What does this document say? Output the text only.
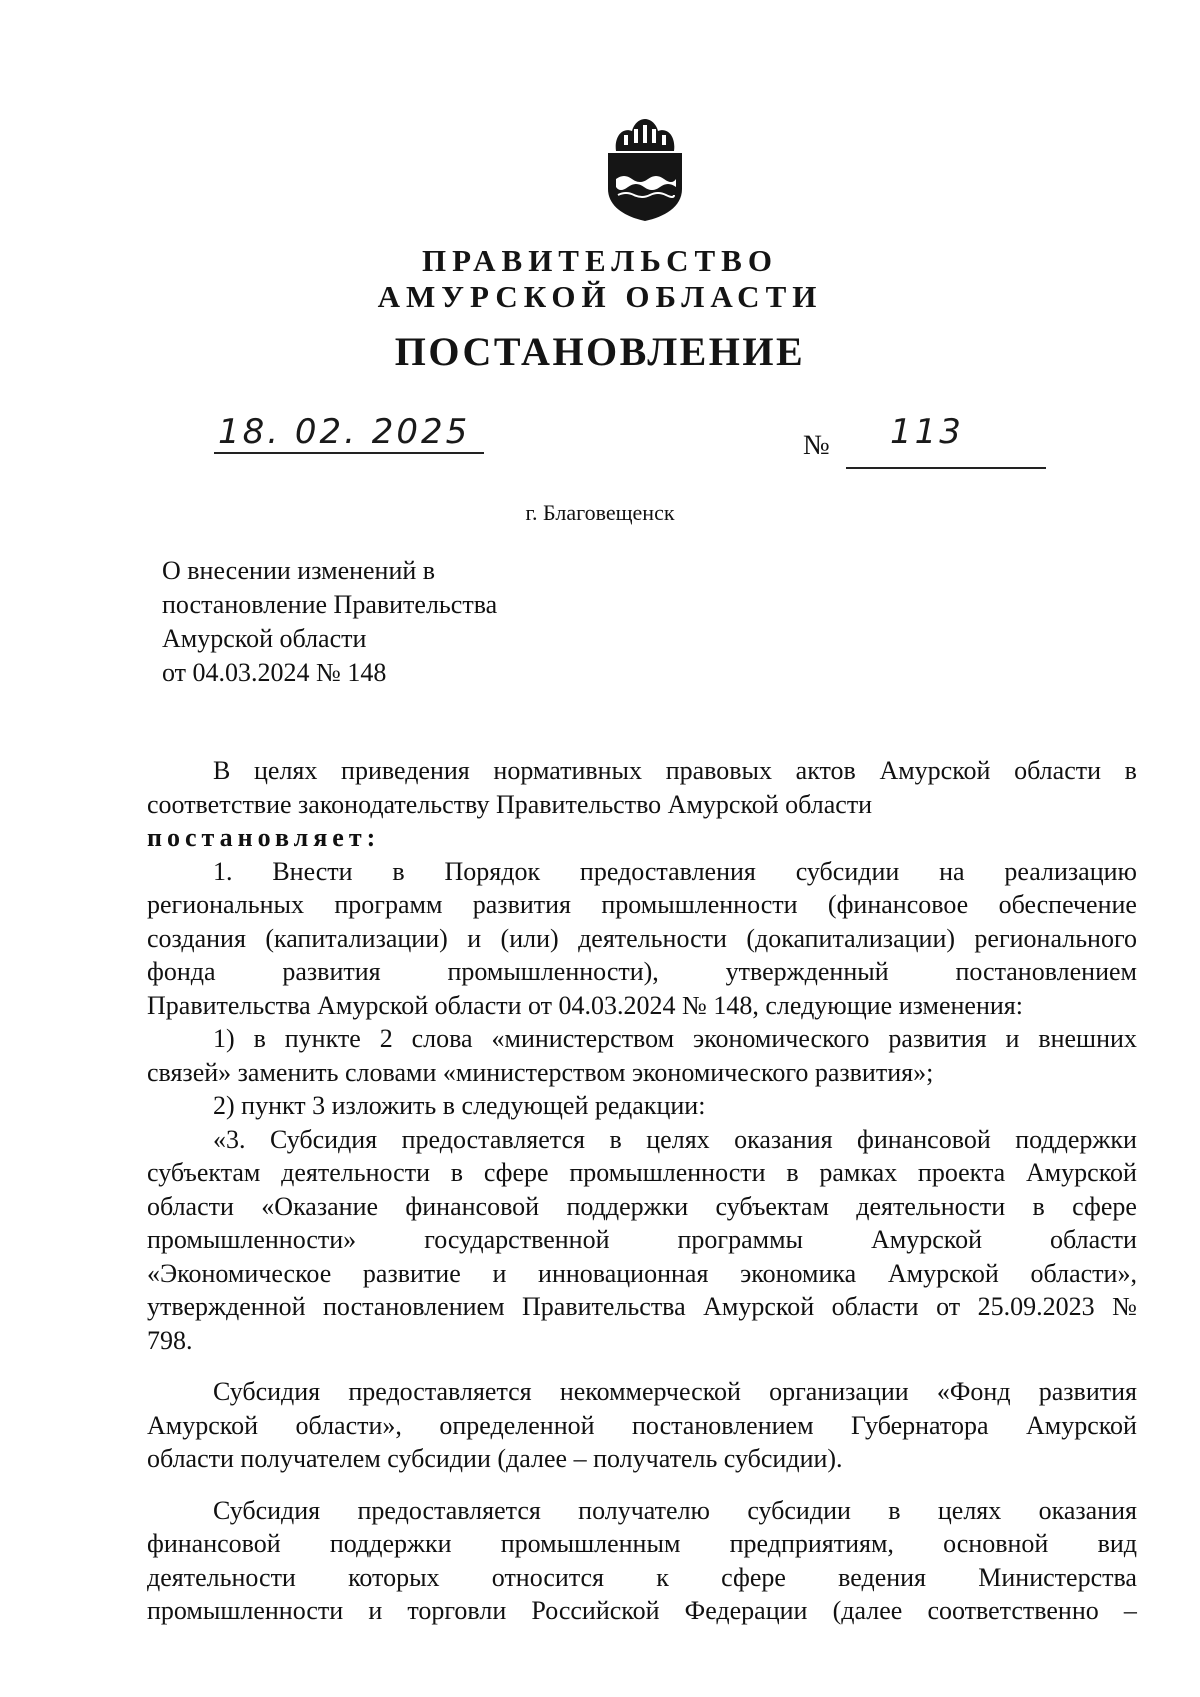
ПРАВИТЕЛЬСТВО
АМУРСКОЙ ОБЛАСТИ
ПОСТАНОВЛЕНИЕ
18. 02. 2025	№ 113
г. Благовещенск
О внесении изменений в
постановление Правительства
Амурской области
от 04.03.2024 № 148
В целях приведения нормативных правовых актов Амурской области в
соответствие законодательству Правительство Амурской области
постановляет:
1. Внести в Порядок предоставления субсидии на реализацию
региональных программ развития промышленности (финансовое обеспечение
создания (капитализации) и (или) деятельности (докапитализации) регионального
фонда	развития	промышленности),	утвержденный	постановлением
Правительства Амурской области от 04.03.2024 № 148, следующие изменения:
1) в пункте 2 слова «министерством экономического развития и внешних
связей» заменить словами «министерством экономического развития»;
2) пункт 3 изложить в следующей редакции:
«3. Субсидия предоставляется в целях оказания финансовой поддержки
субъектам деятельности в сфере промышленности в рамках проекта Амурской
области «Оказание финансовой поддержки субъектам деятельности в сфере
промышленности»	государственной	программы	Амурской	области
«Экономическое развитие и инновационная экономика Амурской области»,
утвержденной постановлением Правительства Амурской области от 25.09.2023 №
798.
Субсидия предоставляется некоммерческой организации «Фонд развития
Амурской области», определенной постановлением Губернатора Амурской
области получателем субсидии (далее – получатель субсидии).
Субсидия предоставляется получателю субсидии в целях оказания
финансовой поддержки промышленным предприятиям, основной вид
деятельности которых относится к сфере ведения Министерства
промышленности и торговли Российской Федерации (далее соответственно –
